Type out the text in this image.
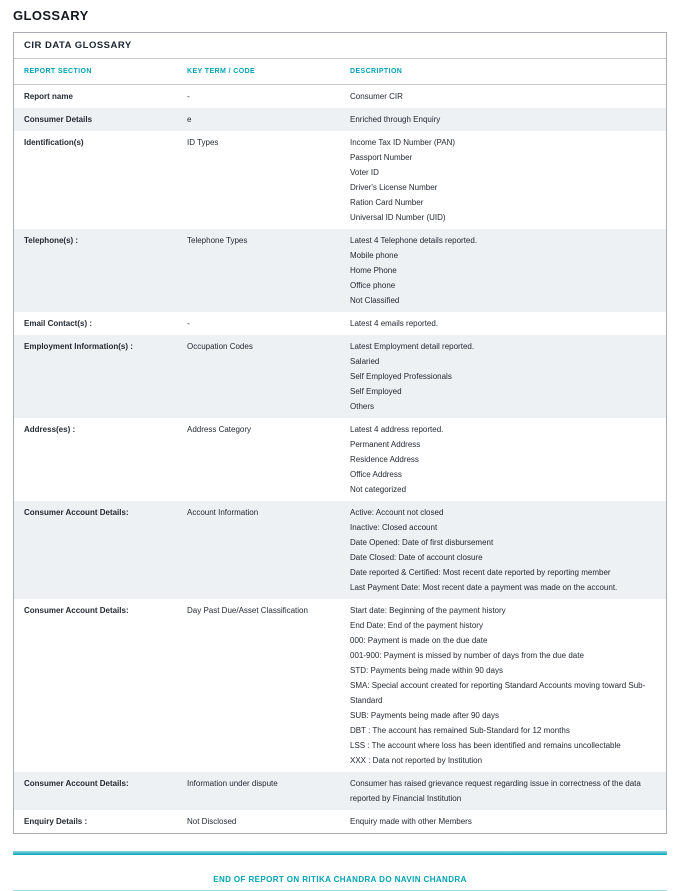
GLOSSARY
CIR DATA GLOSSARY
REPORT SECTION	KEY TERM / CODE	DESCRIPTION
Report name	-	Consumer CIR

Consumer Details	e	Enriched through Enquiry

Identification(s)	ID Types	Income Tax ID Number (PAN)
Passport Number
Voter ID
Driver's License Number
Ration Card Number
Universal ID Number (UID)

Telephone(s) :	Telephone Types	Latest 4 Telephone details reported.
Mobile phone
Home Phone
Office phone
Not Classified

Email Contact(s) :	-	Latest 4 emails reported.

Employment Information(s) :	Occupation Codes	Latest Employment detail reported.
Salaried
Self Employed Professionals
Self Employed
Others

Address(es) :	Address Category	Latest 4 address reported.
Permanent Address
Residence Address
Office Address
Not categorized

Consumer Account Details:	Account Information	Active: Account not closed
Inactive: Closed account
Date Opened: Date of first disbursement
Date Closed: Date of account closure
Date reported & Certified: Most recent date reported by reporting member
Last Payment Date: Most recent date a payment was made on the account.

Consumer Account Details:	Day Past Due/Asset Classification	Start date: Beginning of the payment history
End Date: End of the payment history
000: Payment is made on the due date
001-900: Payment is missed by number of days from the due date
STD: Payments being made within 90 days
SMA: Special account created for reporting Standard Accounts moving toward Sub-Standard
SUB: Payments being made after 90 days
DBT : The account has remained Sub-Standard for 12 months
LSS : The account where loss has been identified and remains uncollectable
XXX : Data not reported by Institution

Consumer Account Details:	Information under dispute	Consumer has raised grievance request regarding issue in correctness of the data reported by Financial Institution

Enquiry Details :	Not Disclosed	Enquiry made with other Members
END OF REPORT ON RITIKA CHANDRA DO NAVIN CHANDRA
